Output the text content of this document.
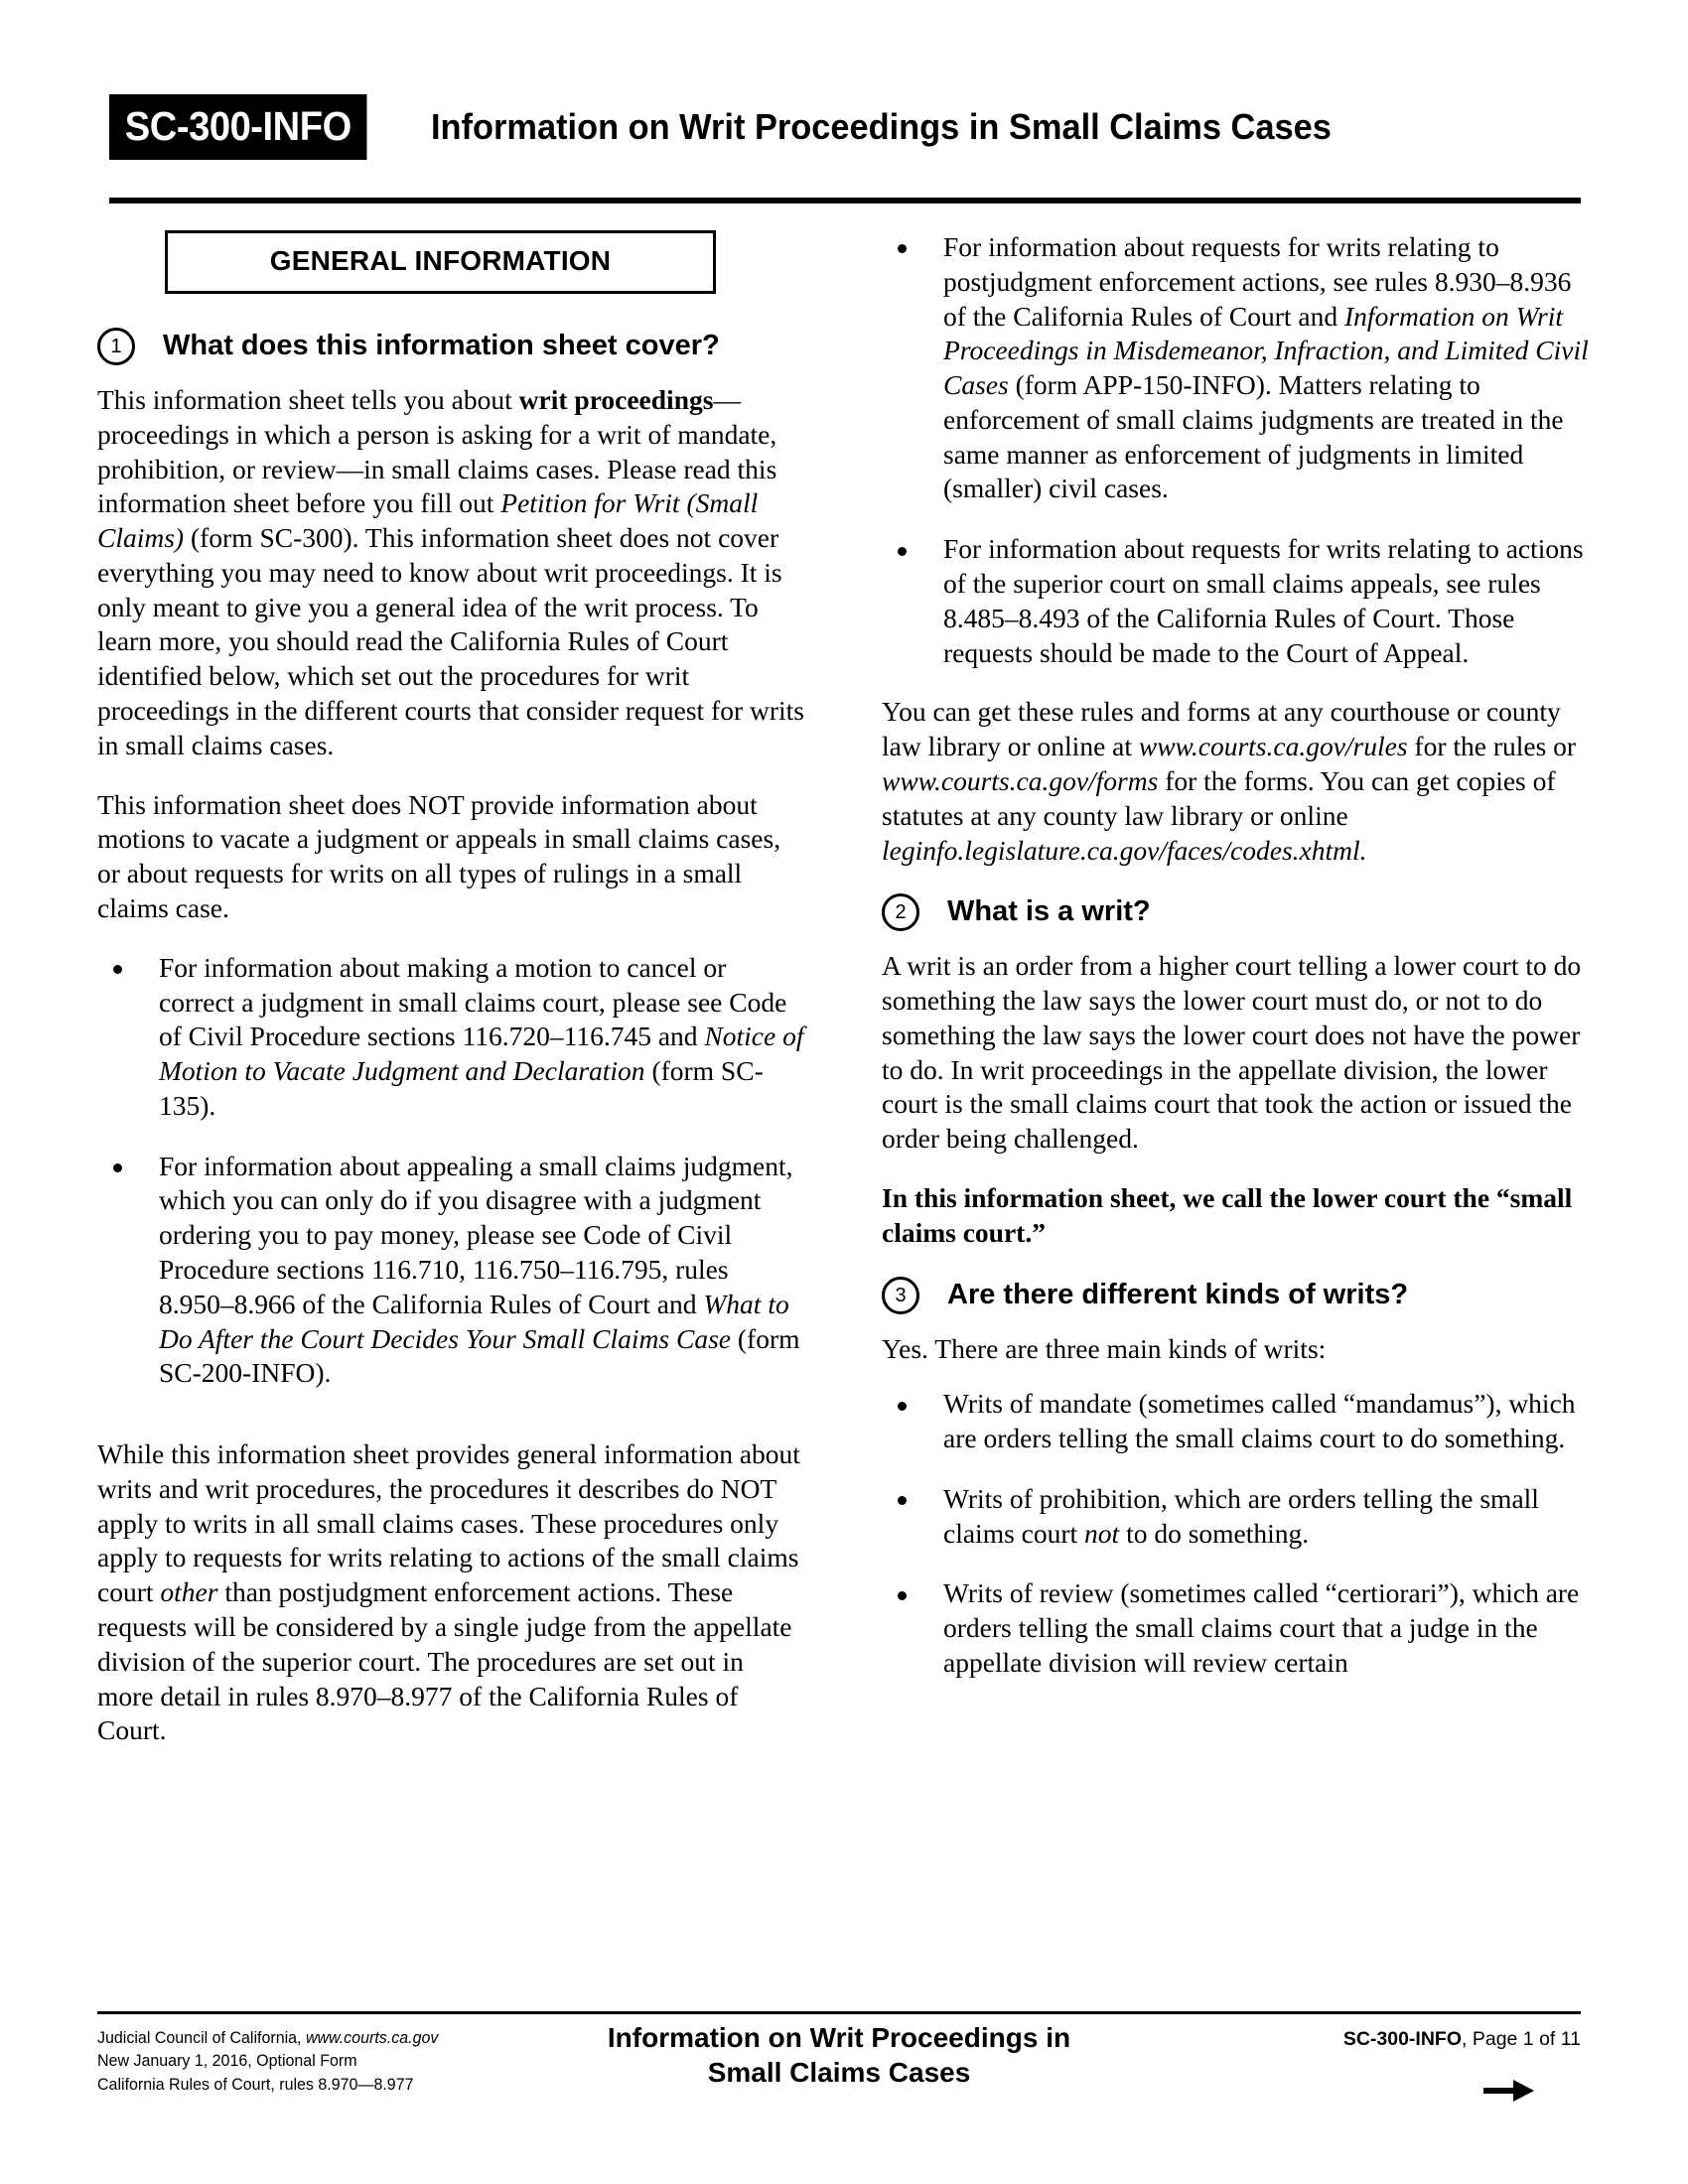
SC-300-INFO Information on Writ Proceedings in Small Claims Cases
GENERAL INFORMATION
1	What does this information sheet cover?

This information sheet tells you about writ proceedings—proceedings in which a person is asking for a writ of mandate, prohibition, or review—in small claims cases. Please read this information sheet before you fill out Petition for Writ (Small Claims) (form SC-300). This information sheet does not cover everything you may need to know about writ proceedings. It is only meant to give you a general idea of the writ process. To learn more, you should read the California Rules of Court identified below, which set out the procedures for writ proceedings in the different courts that consider request for writs in small claims cases.

This information sheet does NOT provide information about motions to vacate a judgment or appeals in small claims cases, or about requests for writs on all types of rulings in a small claims case.

For information about making a motion to cancel or correct a judgment in small claims court, please see Code of Civil Procedure sections 116.720–116.745 and Notice of Motion to Vacate Judgment and Declaration (form SC-135).
For information about appealing a small claims judgment, which you can only do if you disagree with a judgment ordering you to pay money, please see Code of Civil Procedure sections 116.710, 116.750–116.795, rules 8.950–8.966 of the California Rules of Court and What to Do After the Court Decides Your Small Claims Case (form SC-200-INFO).

While this information sheet provides general information about writs and writ procedures, the procedures it describes do NOT apply to writs in all small claims cases. These procedures only apply to requests for writs relating to actions of the small claims court other than postjudgment enforcement actions. These requests will be considered by a single judge from the appellate division of the superior court. The procedures are set out in more detail in rules 8.970–8.977 of the California Rules of Court.

For information about requests for writs relating to postjudgment enforcement actions, see rules 8.930–8.936 of the California Rules of Court and Information on Writ Proceedings in Misdemeanor, Infraction, and Limited Civil Cases (form APP-150-INFO). Matters relating to enforcement of small claims judgments are treated in the same manner as enforcement of judgments in limited (smaller) civil cases.
For information about requests for writs relating to actions of the superior court on small claims appeals, see rules 8.485–8.493 of the California Rules of Court. Those requests should be made to the Court of Appeal.

You can get these rules and forms at any courthouse or county law library or online at www.courts.ca.gov/rules for the rules or www.courts.ca.gov/forms for the forms. You can get copies of statutes at any county law library or online leginfo.legislature.ca.gov/faces/codes.xhtml.

2	What is a writ?

A writ is an order from a higher court telling a lower court to do something the law says the lower court must do, or not to do something the law says the lower court does not have the power to do. In writ proceedings in the appellate division, the lower court is the small claims court that took the action or issued the order being challenged.

In this information sheet, we call the lower court the “small claims court.”

3	Are there different kinds of writs?

Yes. There are three main kinds of writs:

Writs of mandate (sometimes called “mandamus”), which are orders telling the small claims court to do something.
Writs of prohibition, which are orders telling the small claims court not to do something.
Writs of review (sometimes called “certiorari”), which are orders telling the small claims court that a judge in the appellate division will review certain
Judicial Council of California, www.courts.ca.gov
New January 1, 2016, Optional Form
California Rules of Court, rules 8.970—8.977
Information on Writ Proceedings in
Small Claims Cases
SC-300-INFO, Page 1 of 11
